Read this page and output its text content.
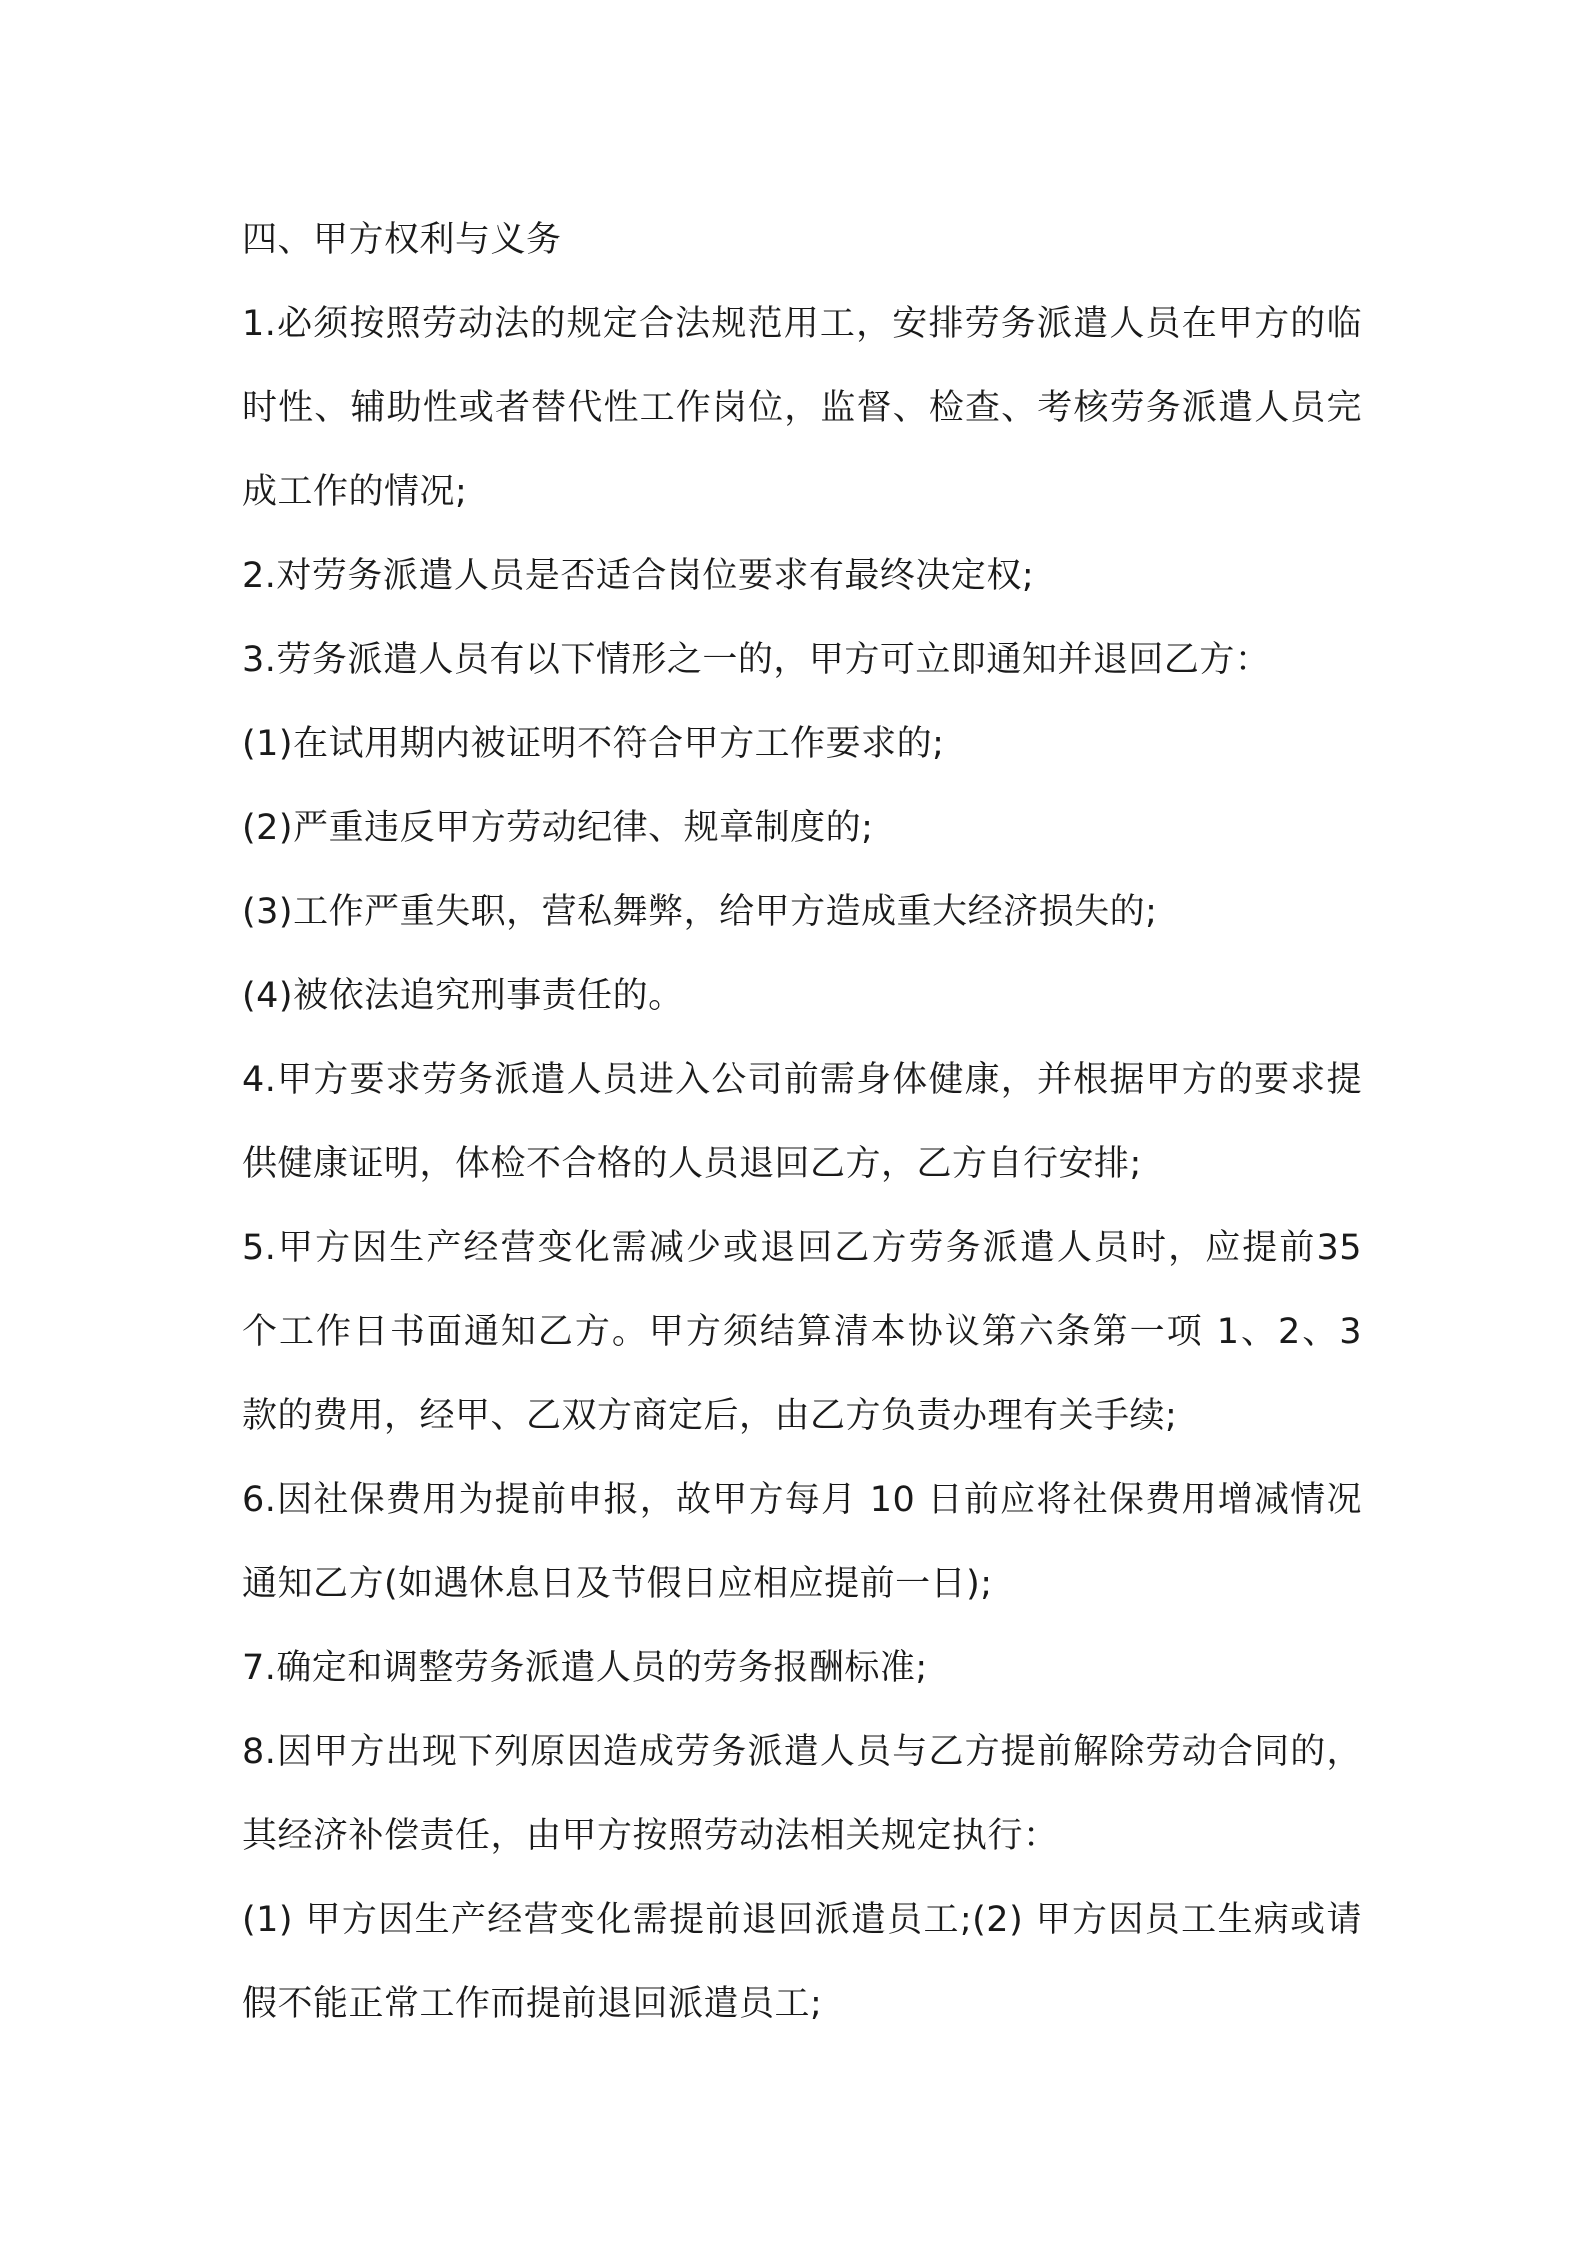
四、甲方权利与义务

1.必须按照劳动法的规定合法规范用工，安排劳务派遣人员在甲方的临时性、辅助性或者替代性工作岗位，监督、检查、考核劳务派遣人员完成工作的情况;

2.对劳务派遣人员是否适合岗位要求有最终决定权;

3.劳务派遣人员有以下情形之一的，甲方可立即通知并退回乙方：

(1)在试用期内被证明不符合甲方工作要求的;

(2)严重违反甲方劳动纪律、规章制度的;

(3)工作严重失职，营私舞弊，给甲方造成重大经济损失的;

(4)被依法追究刑事责任的。

4.甲方要求劳务派遣人员进入公司前需身体健康，并根据甲方的要求提供健康证明，体检不合格的人员退回乙方，乙方自行安排;

5.甲方因生产经营变化需减少或退回乙方劳务派遣人员时，应提前35 个工作日书面通知乙方。甲方须结算清本协议第六条第一项 1、2、3 款的费用，经甲、乙双方商定后，由乙方负责办理有关手续;

6.因社保费用为提前申报，故甲方每月 10 日前应将社保费用增减情况通知乙方(如遇休息日及节假日应相应提前一日);

7.确定和调整劳务派遣人员的劳务报酬标准;

8.因甲方出现下列原因造成劳务派遣人员与乙方提前解除劳动合同的，其经济补偿责任，由甲方按照劳动法相关规定执行：

(1) 甲方因生产经营变化需提前退回派遣员工;(2) 甲方因员工生病或请假不能正常工作而提前退回派遣员工;
